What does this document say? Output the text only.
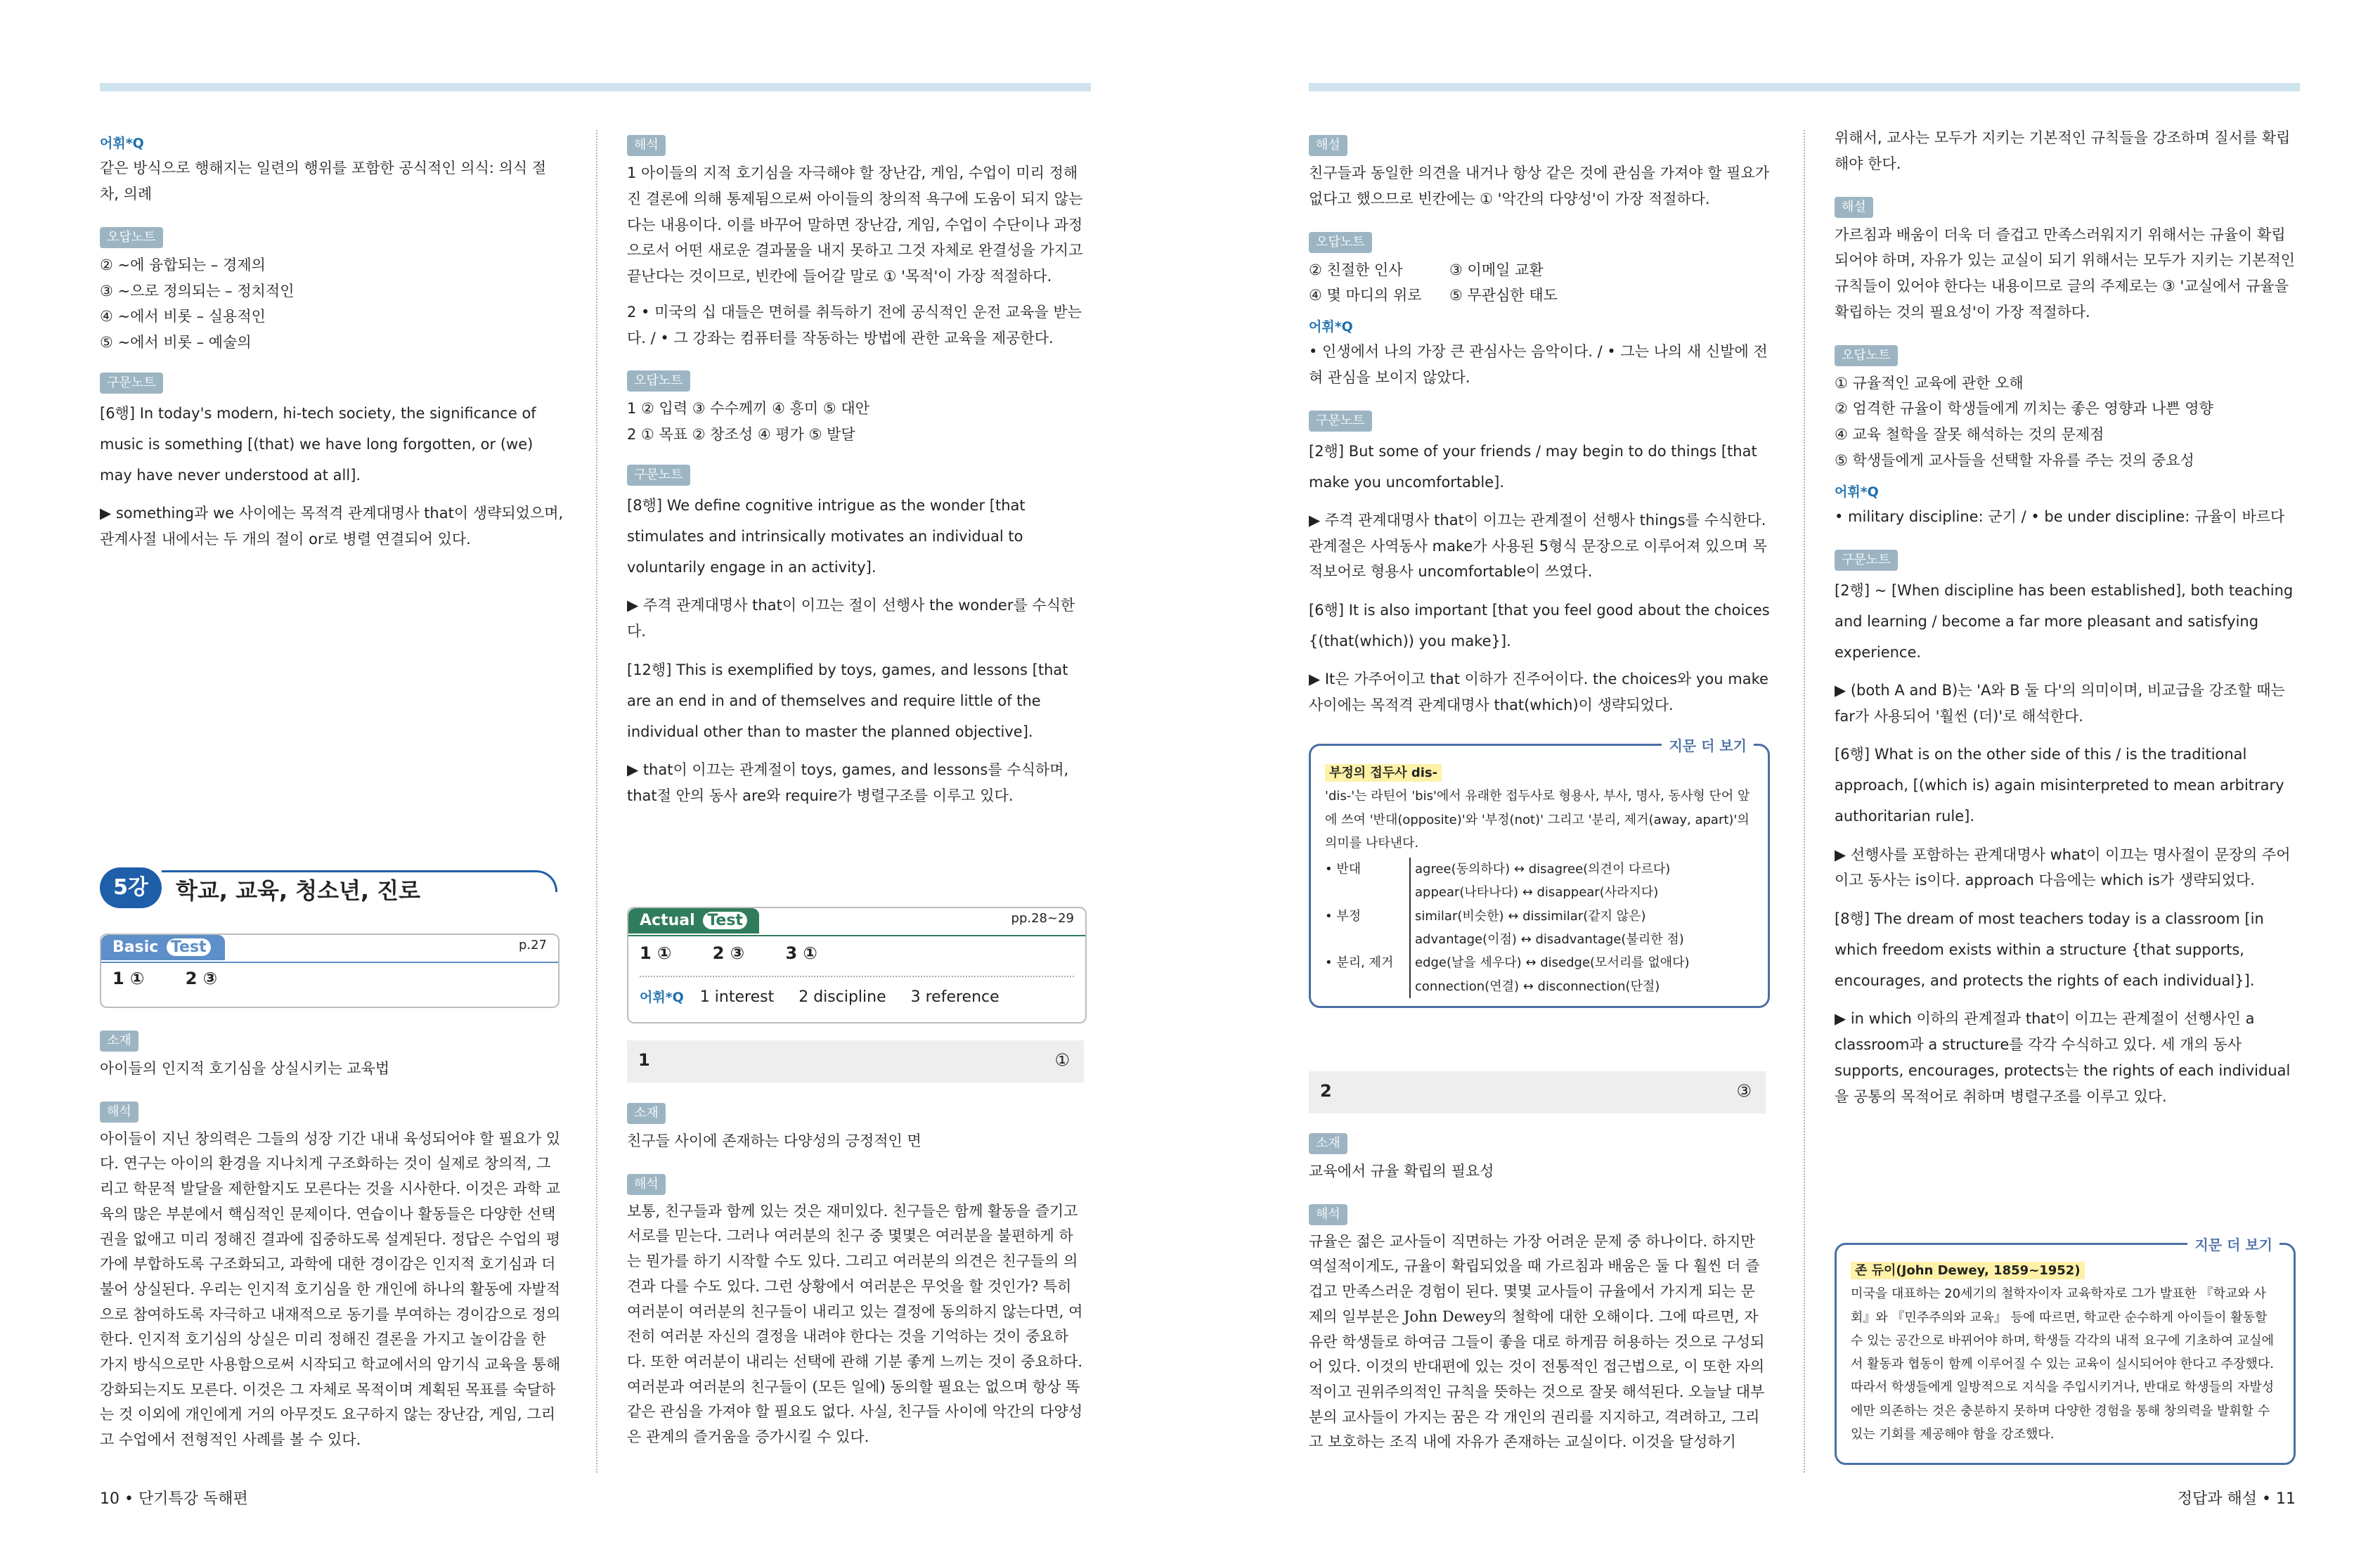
어휘*Q

같은 방식으로 행해지는 일련의 행위를 포함한 공식적인 의식: 의식 절차, 의례

오답노트
② ~에 융합되는 – 경제의
③ ~으로 정의되는 – 정치적인
④ ~에서 비롯 – 실용적인
⑤ ~에서 비롯 – 예술의
구문노트

[6행] In today's modern, hi-tech society, the significance of music is something [(that) we have long forgotten, or (we) may have never understood at all].

▶ something과 we 사이에는 목적격 관계대명사 that이 생략되었으며, 관계사절 내에서는 두 개의 절이 or로 병렬 연결되어 있다.

해석

1 아이들의 지적 호기심을 자극해야 할 장난감, 게임, 수업이 미리 정해진 결론에 의해 통제됨으로써 아이들의 창의적 욕구에 도움이 되지 않는다는 내용이다. 이를 바꾸어 말하면 장난감, 게임, 수업이 수단이나 과정으로서 어떤 새로운 결과물을 내지 못하고 그것 자체로 완결성을 가지고 끝난다는 것이므로, 빈칸에 들어갈 말로 ① '목적'이 가장 적절하다.

2 • 미국의 십 대들은 면허를 취득하기 전에 공식적인 운전 교육을 받는다. / • 그 강좌는 컴퓨터를 작동하는 방법에 관한 교육을 제공한다.

오답노트
1 ② 입력 ③ 수수께끼 ④ 흥미 ⑤ 대안
2 ① 목표 ② 창조성 ④ 평가 ⑤ 발달
구문노트

[8행] We define cognitive intrigue as the wonder [that stimulates and intrinsically motivates an individual to voluntarily engage in an activity].

▶ 주격 관계대명사 that이 이끄는 절이 선행사 the wonder를 수식한다.

[12행] This is exemplified by toys, games, and lessons [that are an end in and of themselves and require little of the individual other than to master the planned objective].

▶ that이 이끄는 관계절이 toys, games, and lessons를 수식하며, that절 안의 동사 are와 require가 병렬구조를 이루고 있다.

5강	학교, 교육, 청소년, 진로
Basic Test	p.27
1 ① 2 ③
소재

아이들의 인지적 호기심을 상실시키는 교육법

해석

아이들이 지닌 창의력은 그들의 성장 기간 내내 육성되어야 할 필요가 있다. 연구는 아이의 환경을 지나치게 구조화하는 것이 실제로 창의적, 그리고 학문적 발달을 제한할지도 모른다는 것을 시사한다. 이것은 과학 교육의 많은 부분에서 핵심적인 문제이다. 연습이나 활동들은 다양한 선택권을 없애고 미리 정해진 결과에 집중하도록 설계된다. 정답은 수업의 평가에 부합하도록 구조화되고, 과학에 대한 경이감은 인지적 호기심과 더불어 상실된다. 우리는 인지적 호기심을 한 개인에 하나의 활동에 자발적으로 참여하도록 자극하고 내재적으로 동기를 부여하는 경이감으로 정의한다. 인지적 호기심의 상실은 미리 정해진 결론을 가지고 놀이감을 한 가지 방식으로만 사용함으로써 시작되고 학교에서의 암기식 교육을 통해 강화되는지도 모른다. 이것은 그 자체로 목적이며 계획된 목표를 숙달하는 것 이외에 개인에게 거의 아무것도 요구하지 않는 장난감, 게임, 그리고 수업에서 전형적인 사례를 볼 수 있다.

Actual Test	pp.28~29
1 ① 2 ③ 3 ①
어휘*Q 1 interest 2 discipline 3 reference
1	①
소재

친구들 사이에 존재하는 다양성의 긍정적인 면

해석

보통, 친구들과 함께 있는 것은 재미있다. 친구들은 함께 활동을 즐기고 서로를 믿는다. 그러나 여러분의 친구 중 몇몇은 여러분을 불편하게 하는 뭔가를 하기 시작할 수도 있다. 그리고 여러분의 의견은 친구들의 의견과 다를 수도 있다. 그런 상황에서 여러분은 무엇을 할 것인가? 특히 여러분이 여러분의 친구들이 내리고 있는 결정에 동의하지 않는다면, 여전히 여러분 자신의 결정을 내려야 한다는 것을 기억하는 것이 중요하다. 또한 여러분이 내리는 선택에 관해 기분 좋게 느끼는 것이 중요하다. 여러분과 여러분의 친구들이 (모든 일에) 동의할 필요는 없으며 항상 똑같은 관심을 가져야 할 필요도 없다. 사실, 친구들 사이에 악간의 다양성은 관계의 즐거움을 증가시킬 수 있다.

10 • 단기특강 독해편
해설

친구들과 동일한 의견을 내거나 항상 같은 것에 관심을 가져야 할 필요가 없다고 했으므로 빈칸에는 ① '악간의 다양성'이 가장 적절하다.

오답노트
② 친절한 인사	③ 이메일 교환
④ 몇 마디의 위로	⑤ 무관심한 태도
어휘*Q

• 인생에서 나의 가장 큰 관심사는 음악이다. / • 그는 나의 새 신발에 전혀 관심을 보이지 않았다.

구문노트

[2행] But some of your friends / may begin to do things [that make you uncomfortable].

▶ 주격 관계대명사 that이 이끄는 관계절이 선행사 things를 수식한다. 관계절은 사역동사 make가 사용된 5형식 문장으로 이루어져 있으며 목적보어로 형용사 uncomfortable이 쓰였다.

[6행] It is also important [that you feel good about the choices {(that(which)) you make}].

▶ It은 가주어이고 that 이하가 진주어이다. the choices와 you make 사이에는 목적격 관계대명사 that(which)이 생략되었다.

지문 더 보기
부정의 접두사 dis-
'dis-'는 라틴어 'bis'에서 유래한 접두사로 형용사, 부사, 명사, 동사형 단어 앞에 쓰여 '반대(opposite)'와 '부정(not)' 그리고 '분리, 제거(away, apart)'의 의미를 나타낸다.
• 반대	agree(동의하다) ↔ disagree(의견이 다르다)
appear(나타나다) ↔ disappear(사라지다)
• 부정	similar(비슷한) ↔ dissimilar(같지 않은)
advantage(이점) ↔ disadvantage(불리한 점)
• 분리, 제거	edge(날을 세우다) ↔ disedge(모서리를 없애다)
connection(연결) ↔ disconnection(단절)
2	③
소재

교육에서 규율 확립의 필요성

해석

규율은 젊은 교사들이 직면하는 가장 어려운 문제 중 하나이다. 하지만 역설적이게도, 규율이 확립되었을 때 가르침과 배움은 둘 다 훨씬 더 즐겁고 만족스러운 경험이 된다. 몇몇 교사들이 규율에서 가지게 되는 문제의 일부분은 John Dewey의 철학에 대한 오해이다. 그에 따르면, 자유란 학생들로 하여금 그들이 좋을 대로 하게끔 허용하는 것으로 구성되어 있다. 이것의 반대편에 있는 것이 전통적인 접근법으로, 이 또한 자의적이고 권위주의적인 규칙을 뜻하는 것으로 잘못 해석된다. 오늘날 대부분의 교사들이 가지는 꿈은 각 개인의 권리를 지지하고, 격려하고, 그리고 보호하는 조직 내에 자유가 존재하는 교실이다. 이것을 달성하기

위해서, 교사는 모두가 지키는 기본적인 규칙들을 강조하며 질서를 확립해야 한다.

해설

가르침과 배움이 더욱 더 즐겁고 만족스러워지기 위해서는 규율이 확립되어야 하며, 자유가 있는 교실이 되기 위해서는 모두가 지키는 기본적인 규칙들이 있어야 한다는 내용이므로 글의 주제로는 ③ '교실에서 규율을 확립하는 것의 필요성'이 가장 적절하다.

오답노트
① 규율적인 교육에 관한 오해
② 엄격한 규율이 학생들에게 끼치는 좋은 영향과 나쁜 영향
④ 교육 철학을 잘못 해석하는 것의 문제점
⑤ 학생들에게 교사들을 선택할 자유를 주는 것의 중요성
어휘*Q

• military discipline: 군기 / • be under discipline: 규율이 바르다

구문노트

[2행] ~ [When discipline has been established], both teaching and learning / become a far more pleasant and satisfying experience.

▶ (both A and B)는 'A와 B 둘 다'의 의미이며, 비교급을 강조할 때는 far가 사용되어 '훨씬 (더)'로 해석한다.

[6행] What is on the other side of this / is the traditional approach, [(which is) again misinterpreted to mean arbitrary authoritarian rule].

▶ 선행사를 포함하는 관계대명사 what이 이끄는 명사절이 문장의 주어이고 동사는 is이다. approach 다음에는 which is가 생략되었다.

[8행] The dream of most teachers today is a classroom [in which freedom exists within a structure {that supports, encourages, and protects the rights of each individual}].

▶ in which 이하의 관계절과 that이 이끄는 관계절이 선행사인 a classroom과 a structure를 각각 수식하고 있다. 세 개의 동사 supports, encourages, protects는 the rights of each individual을 공통의 목적어로 취하며 병렬구조를 이루고 있다.

지문 더 보기
존 듀이(John Dewey, 1859~1952)
미국을 대표하는 20세기의 철학자이자 교육학자로 그가 발표한 『학교와 사회』와 『민주주의와 교육』 등에 따르면, 학교란 순수하게 아이들이 활동할 수 있는 공간으로 바뀌어야 하며, 학생들 각각의 내적 요구에 기초하여 교실에서 활동과 협동이 함께 이루어질 수 있는 교육이 실시되어야 한다고 주장했다. 따라서 학생들에게 일방적으로 지식을 주입시키거나, 반대로 학생들의 자발성에만 의존하는 것은 충분하지 못하며 다양한 경험을 통해 창의력을 발휘할 수 있는 기회를 제공해야 함을 강조했다.
정답과 해설 • 11
